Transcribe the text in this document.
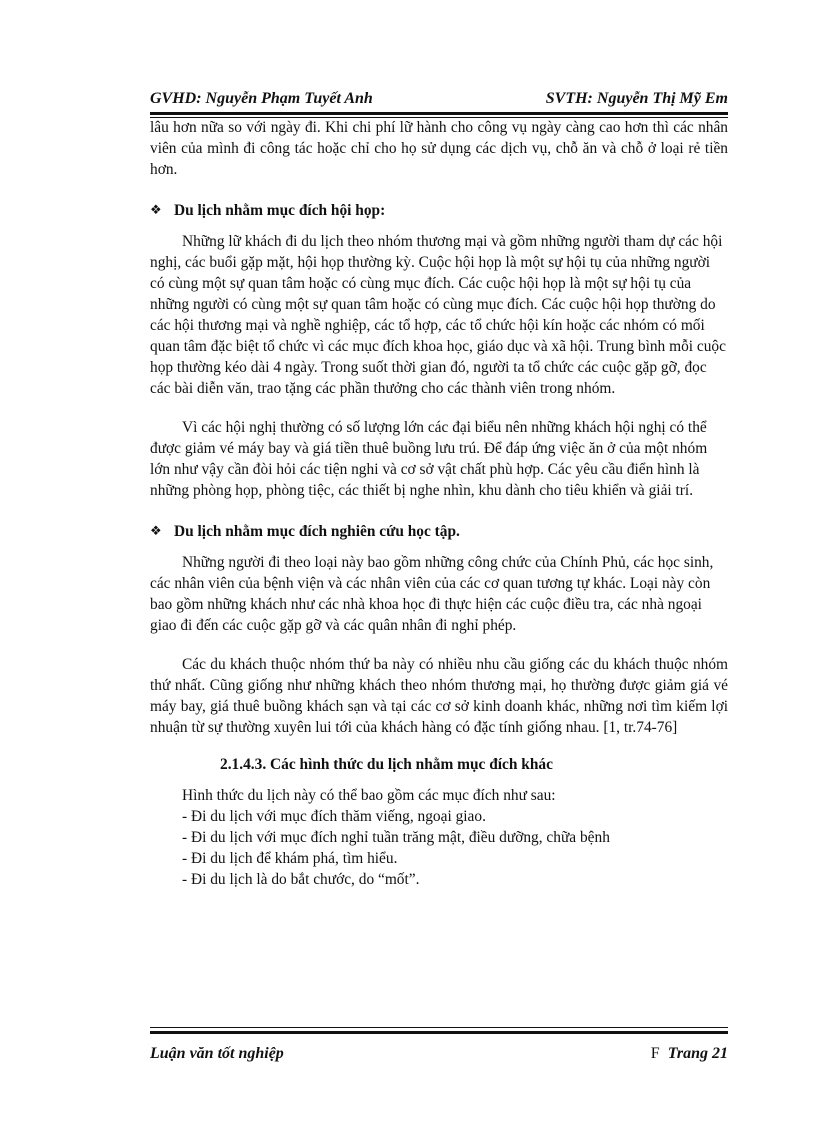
GVHD: Nguyễn Phạm Tuyết Anh	SVTH: Nguyễn Thị Mỹ Em

lâu hơn nữa so với ngày đi. Khi chi phí lữ hành cho công vụ ngày càng cao hơn thì các nhân viên của mình đi công tác hoặc chỉ cho họ sử dụng các dịch vụ, chỗ ăn và chỗ ở loại rẻ tiền hơn.

❖ Du lịch nhằm mục đích hội họp:

Những lữ khách đi du lịch theo nhóm thương mại và gồm những người tham dự các hội nghị, các buổi gặp mặt, hội họp thường kỳ. Cuộc hội họp là một sự hội tụ của những người có cùng một sự quan tâm hoặc có cùng mục đích. Các cuộc hội họp là một sự hội tụ của những người có cùng một sự quan tâm hoặc có cùng mục đích. Các cuộc hội họp thường do các hội thương mại và nghề nghiệp, các tổ hợp, các tổ chức hội kín hoặc các nhóm có mối quan tâm đặc biệt tổ chức vì các mục đích khoa học, giáo dục và xã hội. Trung bình mỗi cuộc họp thường kéo dài 4 ngày. Trong suốt thời gian đó, người ta tổ chức các cuộc gặp gỡ, đọc các bài diễn văn, trao tặng các phần thưởng cho các thành viên trong nhóm.

Vì các hội nghị thường có số lượng lớn các đại biểu nên những khách hội nghị có thể được giảm vé máy bay và giá tiền thuê buồng lưu trú. Để đáp ứng việc ăn ở của một nhóm lớn như vậy cần đòi hỏi các tiện nghi và cơ sở vật chất phù hợp. Các yêu cầu điển hình là những phòng họp, phòng tiệc, các thiết bị nghe nhìn, khu dành cho tiêu khiển và giải trí.

❖ Du lịch nhằm mục đích nghiên cứu học tập.

Những người đi theo loại này bao gồm những công chức của Chính Phủ, các học sinh, các nhân viên của bệnh viện và các nhân viên của các cơ quan tương tự khác. Loại này còn bao gồm những khách như các nhà khoa học đi thực hiện các cuộc điều tra, các nhà ngoại giao đi đến các cuộc gặp gỡ và các quân nhân đi nghỉ phép.

Các du khách thuộc nhóm thứ ba này có nhiều nhu cầu giống các du khách thuộc nhóm thứ nhất. Cũng giống như những khách theo nhóm thương mại, họ thường được giảm giá vé máy bay, giá thuê buồng khách sạn và tại các cơ sở kinh doanh khác, những nơi tìm kiếm lợi nhuận từ sự thường xuyên lui tới của khách hàng có đặc tính giống nhau. [1, tr.74-76]

2.1.4.3. Các hình thức du lịch nhằm mục đích khác

Hình thức du lịch này có thể bao gồm các mục đích như sau:

- Đi du lịch với mục đích thăm viếng, ngoại giao.

- Đi du lịch với mục đích nghỉ tuần trăng mật, điều dưỡng, chữa bệnh

- Đi du lịch để khám phá, tìm hiểu.

- Đi du lịch là do bắt chước, do “mốt”.

Luận văn tốt nghiệp	F Trang 21
